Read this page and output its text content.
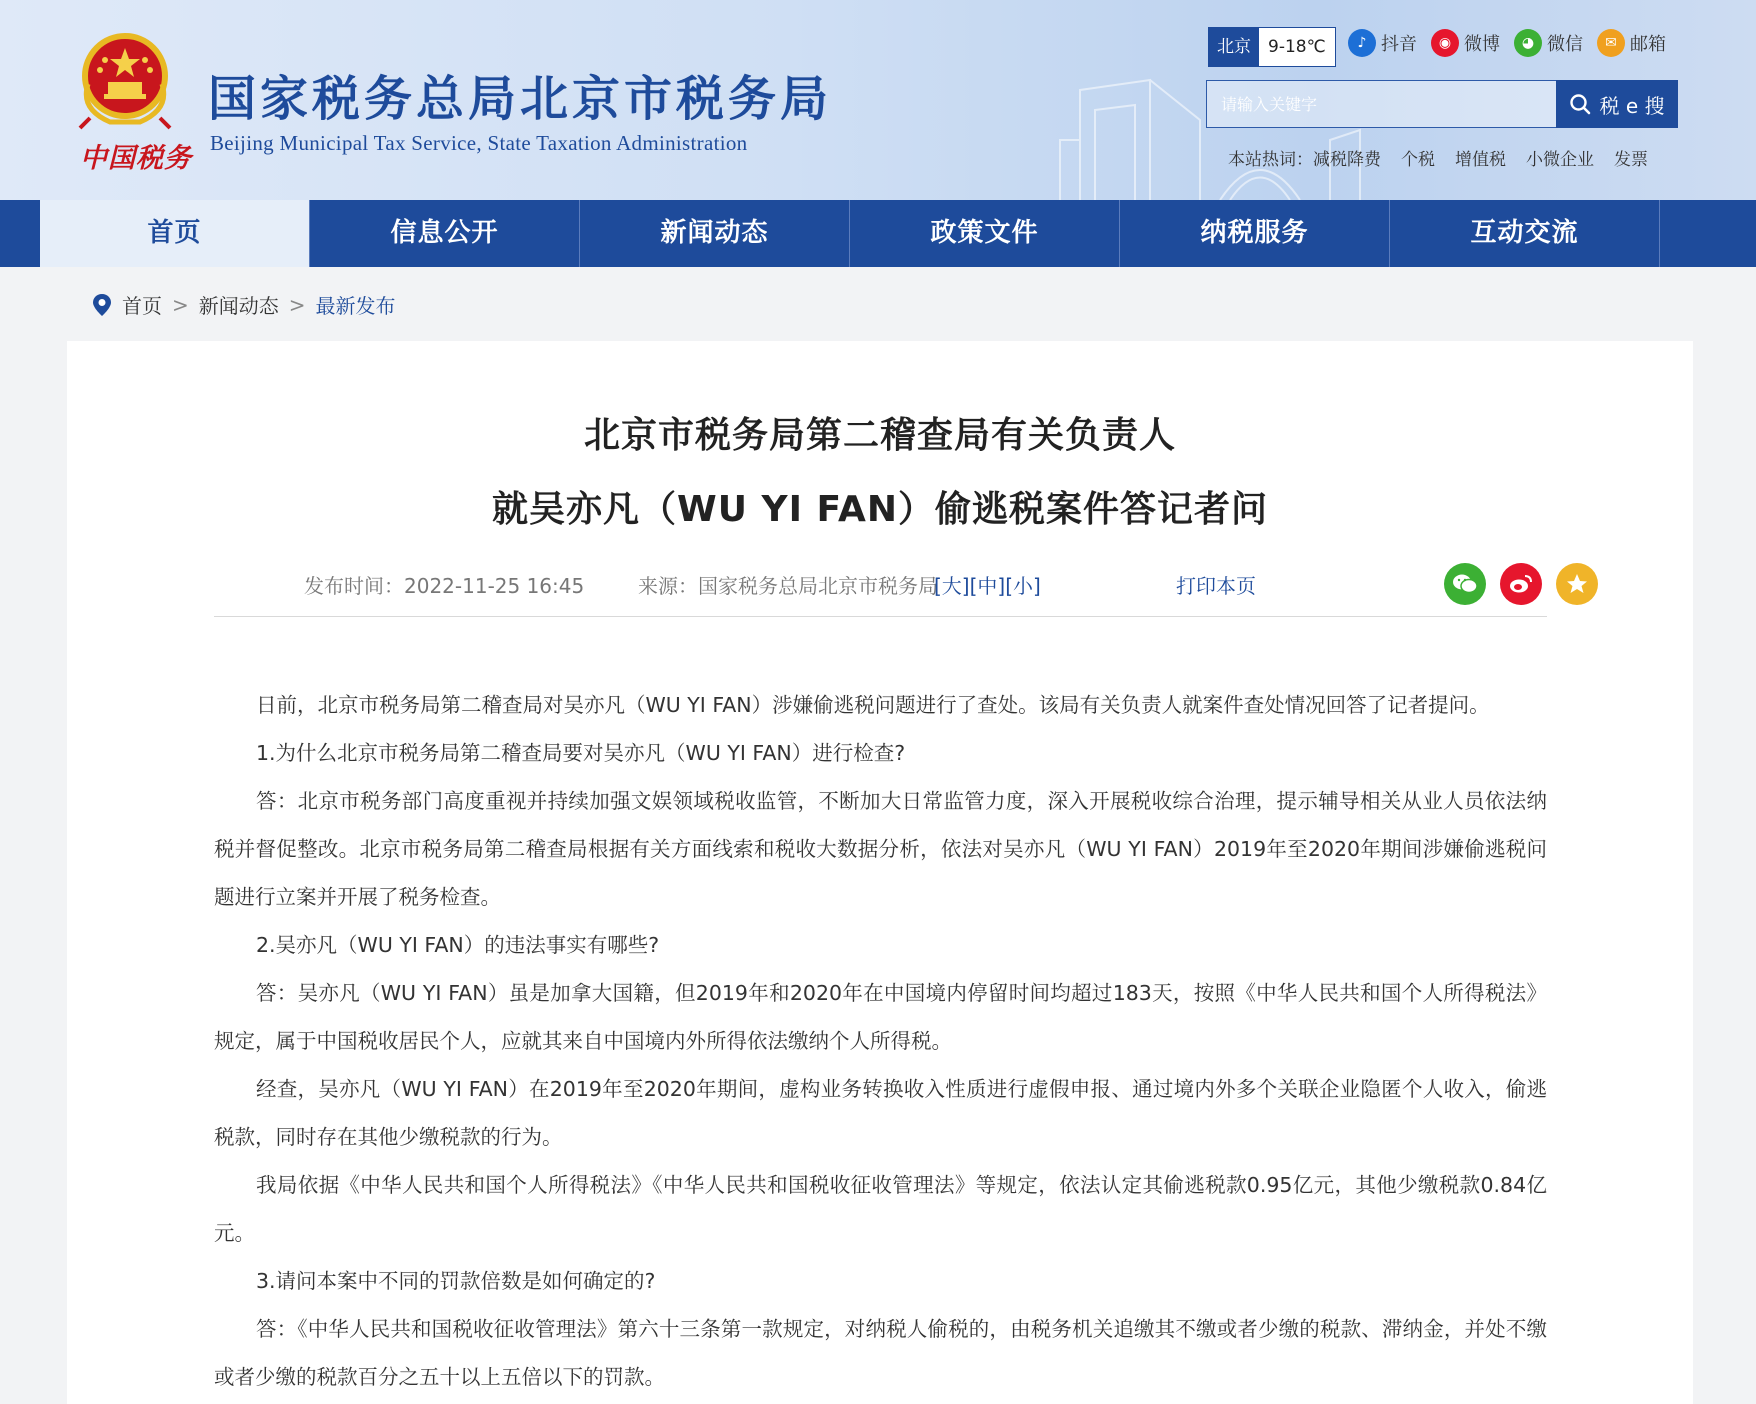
中国税务
国家税务总局北京市税务局
Beijing Municipal Tax Service, State Taxation Administration
北京	9-18℃	♪ 抖音	◉ 微博	◕ 微信	✉ 邮箱
请输入关键字
税 e 搜
本站热词： 减税降费 个税 增值税 小微企业 发票
首页	信息公开	新闻动态	政策文件	纳税服务	互动交流
首页 > 新闻动态 > 最新发布
北京市税务局第二稽查局有关负责人
就吴亦凡（WU YI FAN）偷逃税案件答记者问
发布时间：2022-11-25 16:45	来源：国家税务总局北京市税务局
[大][中][小]	打印本页

日前，北京市税务局第二稽查局对吴亦凡（WU YI FAN）涉嫌偷逃税问题进行了查处。该局有关负责人就案件查处情况回答了记者提问。

1.为什么北京市税务局第二稽查局要对吴亦凡（WU YI FAN）进行检查?

答：北京市税务部门高度重视并持续加强文娱领域税收监管，不断加大日常监管力度，深入开展税收综合治理，提示辅导相关从业人员依法纳税并督促整改。北京市税务局第二稽查局根据有关方面线索和税收大数据分析，依法对吴亦凡（WU YI FAN）2019年至2020年期间涉嫌偷逃税问题进行立案并开展了税务检查。

2.吴亦凡（WU YI FAN）的违法事实有哪些?

答：吴亦凡（WU YI FAN）虽是加拿大国籍，但2019年和2020年在中国境内停留时间均超过183天，按照《中华人民共和国个人所得税法》规定，属于中国税收居民个人，应就其来自中国境内外所得依法缴纳个人所得税。

经查，吴亦凡（WU YI FAN）在2019年至2020年期间，虚构业务转换收入性质进行虚假申报、通过境内外多个关联企业隐匿个人收入，偷逃税款，同时存在其他少缴税款的行为。

我局依据《中华人民共和国个人所得税法》《中华人民共和国税收征收管理法》等规定，依法认定其偷逃税款0.95亿元，其他少缴税款0.84亿元。

3.请问本案中不同的罚款倍数是如何确定的?

答：《中华人民共和国税收征收管理法》第六十三条第一款规定，对纳税人偷税的，由税务机关追缴其不缴或者少缴的税款、滞纳金，并处不缴或者少缴的税款百分之五十以上五倍以下的罚款。
